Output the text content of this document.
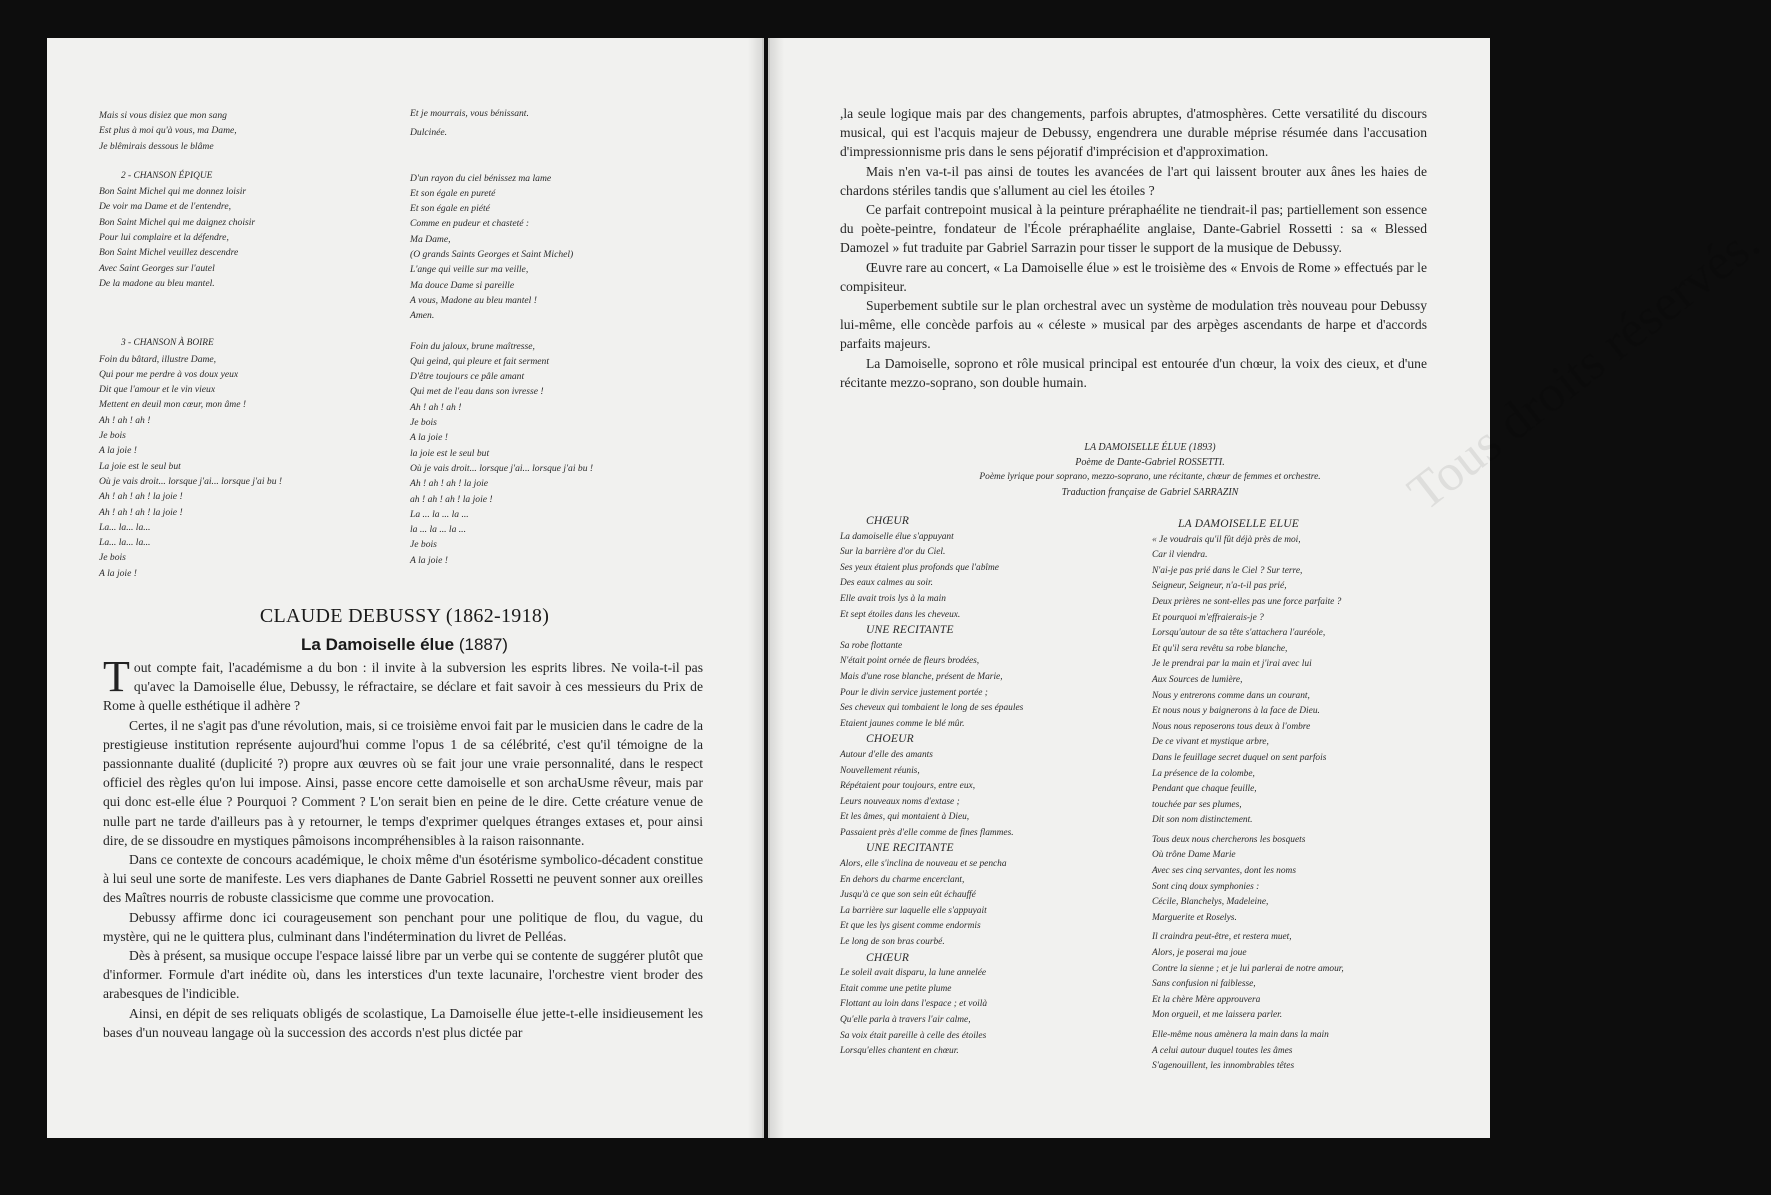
Mais si vous disiez que mon sang
Est plus à moi qu'à vous, ma Dame,
Je blêmirais dessous le blâme
2 - CHANSON ÉPIQUE
Bon Saint Michel qui me donnez loisir
De voir ma Dame et de l'entendre,
Bon Saint Michel qui me daignez choisir
Pour lui complaire et la défendre,
Bon Saint Michel veuillez descendre
Avec Saint Georges sur l'autel
De la madone au bleu mantel.
3 - CHANSON À BOIRE
Foin du bâtard, illustre Dame,
Qui pour me perdre à vos doux yeux
Dit que l'amour et le vin vieux
Mettent en deuil mon cœur, mon âme !
Ah ! ah ! ah !
Je bois
A la joie !
La joie est le seul but
Où je vais droit... lorsque j'ai... lorsque j'ai bu !
Ah ! ah ! ah ! la joie !
Ah ! ah ! ah ! la joie !
La... la... la...
La... la... la...
Je bois
A la joie !
Et je mourrais, vous bénissant.
Dulcinée.
D'un rayon du ciel bénissez ma lame
Et son égale en pureté
Et son égale en piété
Comme en pudeur et chasteté :
Ma Dame,
(O grands Saints Georges et Saint Michel)
L'ange qui veille sur ma veille,
Ma douce Dame si pareille
A vous, Madone au bleu mantel !
Amen.
Foin du jaloux, brune maîtresse,
Qui geind, qui pleure et fait serment
D'être toujours ce pâle amant
Qui met de l'eau dans son ivresse !
Ah ! ah ! ah !
Je bois
A la joie !
la joie est le seul but
Où je vais droit... lorsque j'ai... lorsque j'ai bu !
Ah ! ah ! ah ! la joie
ah ! ah ! ah ! la joie !
La ... la ... la ...
la ... la ... la ...
Je bois
A la joie !
CLAUDE DEBUSSY (1862-1918)
La Damoiselle élue (1887)

Tout compte fait, l'académisme a du bon : il invite à la subversion les esprits libres. Ne voila-t-il pas qu'avec la Damoiselle élue, Debussy, le réfractaire, se déclare et fait savoir à ces messieurs du Prix de Rome à quelle esthétique il adhère ?

Certes, il ne s'agit pas d'une révolution, mais, si ce troisième envoi fait par le musicien dans le cadre de la prestigieuse institution représente aujourd'hui comme l'opus 1 de sa célébrité, c'est qu'il témoigne de la passionnante dualité (duplicité ?) propre aux œuvres où se fait jour une vraie personnalité, dans le respect officiel des règles qu'on lui impose. Ainsi, passe encore cette damoiselle et son archaUsme rêveur, mais par qui donc est-elle élue ? Pourquoi ? Comment ? L'on serait bien en peine de le dire. Cette créature venue de nulle part ne tarde d'ailleurs pas à y retourner, le temps d'exprimer quelques étranges extases et, pour ainsi dire, de se dissoudre en mystiques pâmoisons incompréhensibles à la raison raisonnante.

Dans ce contexte de concours académique, le choix même d'un ésotérisme symbolico-décadent constitue à lui seul une sorte de manifeste. Les vers diaphanes de Dante Gabriel Rossetti ne peuvent sonner aux oreilles des Maîtres nourris de robuste classicisme que comme une provocation.

Debussy affirme donc ici courageusement son penchant pour une politique de flou, du vague, du mystère, qui ne le quittera plus, culminant dans l'indétermination du livret de Pelléas.

Dès à présent, sa musique occupe l'espace laissé libre par un verbe qui se contente de suggérer plutôt que d'informer. Formule d'art inédite où, dans les interstices d'un texte lacunaire, l'orchestre vient broder des arabesques de l'indicible.

Ainsi, en dépit de ses reliquats obligés de scolastique, La Damoiselle élue jette-t-elle insidieusement les bases d'un nouveau langage où la succession des accords n'est plus dictée par

Tous droits réservés.

,la seule logique mais par des changements, parfois abruptes, d'atmosphères. Cette versatilité du discours musical, qui est l'acquis majeur de Debussy, engendrera une durable méprise résumée dans l'accusation d'impressionnisme pris dans le sens péjoratif d'imprécision et d'approximation.

Mais n'en va-t-il pas ainsi de toutes les avancées de l'art qui laissent brouter aux ânes les haies de chardons stériles tandis que s'allument au ciel les étoiles ?

Ce parfait contrepoint musical à la peinture préraphaélite ne tiendrait-il pas; partiellement son essence du poète-peintre, fondateur de l'École préraphaélite anglaise, Dante-Gabriel Rossetti : sa « Blessed Damozel » fut traduite par Gabriel Sarrazin pour tisser le support de la musique de Debussy.

Œuvre rare au concert, « La Damoiselle élue » est le troisième des « Envois de Rome » effectués par le compisiteur.

Superbement subtile sur le plan orchestral avec un système de modulation très nouveau pour Debussy lui-même, elle concède parfois au « céleste » musical par des arpèges ascendants de harpe et d'accords parfaits majeurs.

La Damoiselle, soprono et rôle musical principal est entourée d'un chœur, la voix des cieux, et d'une récitante mezzo-soprano, son double humain.

LA DAMOISELLE ÉLUE (1893)
Poème de Dante-Gabriel ROSSETTI.
Poème lyrique pour soprano, mezzo-soprano, une récitante, chœur de femmes et orchestre.
Traduction française de Gabriel SARRAZIN
CHŒUR
La damoiselle élue s'appuyant
Sur la barrière d'or du Ciel.
Ses yeux étaient plus profonds que l'abîme
Des eaux calmes au soir.
Elle avait trois lys à la main
Et sept étoiles dans les cheveux.
UNE RECITANTE
Sa robe flottante
N'était point ornée de fleurs brodées,
Mais d'une rose blanche, présent de Marie,
Pour le divin service justement portée ;
Ses cheveux qui tombaient le long de ses épaules
Etaient jaunes comme le blé mûr.
CHOEUR
Autour d'elle des amants
Nouvellement réunis,
Répétaient pour toujours, entre eux,
Leurs nouveaux noms d'extase ;
Et les âmes, qui montaient à Dieu,
Passaient près d'elle comme de fines flammes.
UNE RECITANTE
Alors, elle s'inclina de nouveau et se pencha
En dehors du charme encerclant,
Jusqu'à ce que son sein eût échauffé
La barrière sur laquelle elle s'appuyait
Et que les lys gisent comme endormis
Le long de son bras courbé.
CHŒUR
Le soleil avait disparu, la lune annelée
Etait comme une petite plume
Flottant au loin dans l'espace ; et voilà
Qu'elle parla à travers l'air calme,
Sa voix était pareille à celle des étoiles
Lorsqu'elles chantent en chœur.
LA DAMOISELLE ELUE
« Je voudrais qu'il fût déjà près de moi,
Car il viendra.
N'ai-je pas prié dans le Ciel ? Sur terre,
Seigneur, Seigneur, n'a-t-il pas prié,
Deux prières ne sont-elles pas une force parfaite ?
Et pourquoi m'effraierais-je ?
Lorsqu'autour de sa tête s'attachera l'auréole,
Et qu'il sera revêtu sa robe blanche,
Je le prendrai par la main et j'irai avec lui
Aux Sources de lumière,
Nous y entrerons comme dans un courant,
Et nous nous y baignerons à la face de Dieu.
Nous nous reposerons tous deux à l'ombre
De ce vivant et mystique arbre,
Dans le feuillage secret duquel on sent parfois
La présence de la colombe,
Pendant que chaque feuille,
touchée par ses plumes,
Dit son nom distinctement.
Tous deux nous chercherons les bosquets
Où trône Dame Marie
Avec ses cinq servantes, dont les noms
Sont cinq doux symphonies :
Cécile, Blanchelys, Madeleine,
Marguerite et Roselys.
Il craindra peut-être, et restera muet,
Alors, je poserai ma joue
Contre la sienne ; et je lui parlerai de notre amour,
Sans confusion ni faiblesse,
Et la chère Mère approuvera
Mon orgueil, et me laissera parler.
Elle-même nous amènera la main dans la main
A celui autour duquel toutes les âmes
S'agenouillent, les innombrables têtes
